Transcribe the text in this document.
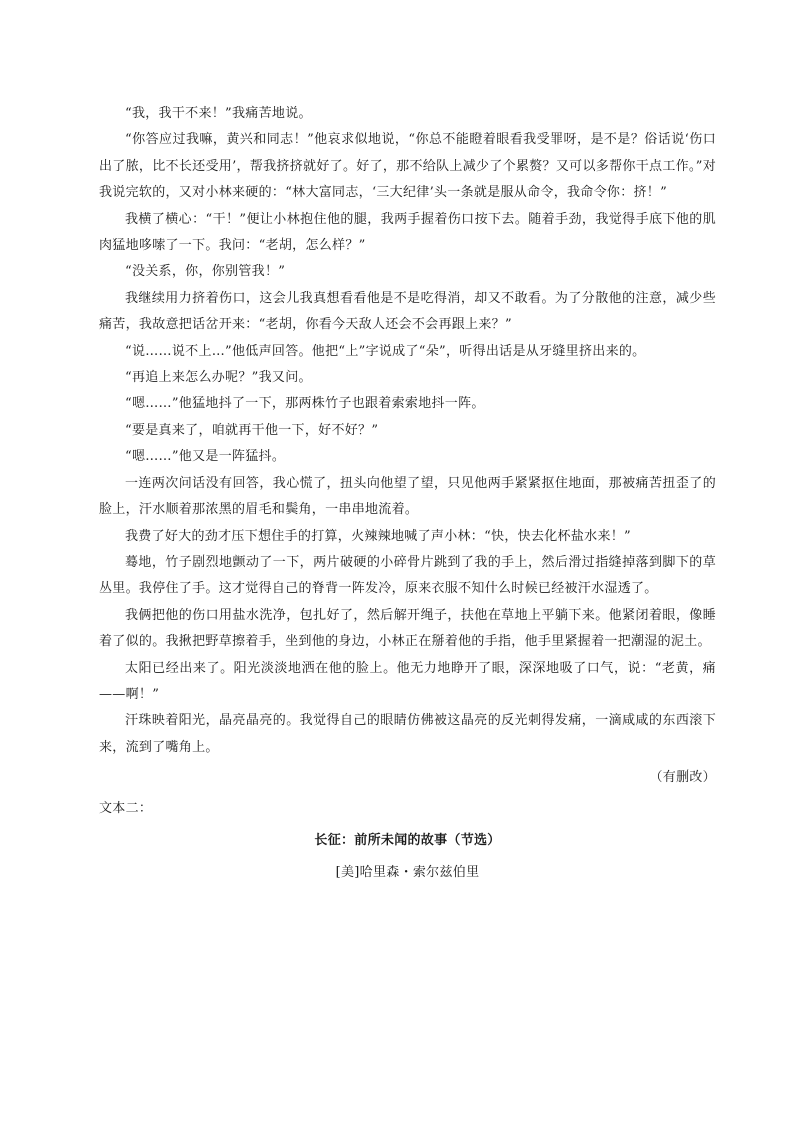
“我，我干不来！”我痛苦地说。

“你答应过我嘛，黄兴和同志！”他哀求似地说，“你总不能瞪着眼看我受罪呀，是不是？俗话说‘伤口出了脓，比不长还受用’，帮我挤挤就好了。好了，那不给队上减少了个累赘？又可以多帮你干点工作。”对我说完软的，又对小林来硬的：“林大富同志，‘三大纪律’头一条就是服从命令，我命令你：挤！”

我横了横心：“干！”便让小林抱住他的腿，我两手握着伤口按下去。随着手劲，我觉得手底下他的肌肉猛地哆嗦了一下。我问：“老胡，怎么样？”

“没关系，你，你别管我！”

我继续用力挤着伤口，这会儿我真想看看他是不是吃得消，却又不敢看。为了分散他的注意，减少些痛苦，我故意把话岔开来：“老胡，你看今天敌人还会不会再跟上来？”

“说……说不上…”他低声回答。他把“上”字说成了“朵”，听得出话是从牙缝里挤出来的。

“再追上来怎么办呢？”我又问。

“嗯……”他猛地抖了一下，那两株竹子也跟着索索地抖一阵。

“要是真来了，咱就再干他一下，好不好？”

“嗯……”他又是一阵猛抖。

一连两次问话没有回答，我心慌了，扭头向他望了望，只见他两手紧紧抠住地面，那被痛苦扭歪了的脸上，汗水顺着那浓黑的眉毛和鬓角，一串串地流着。

我费了好大的劲才压下想住手的打算，火辣辣地喊了声小林：“快，快去化杯盐水来！”

蓦地，竹子剧烈地颤动了一下，两片破硬的小碎骨片跳到了我的手上，然后滑过指缝掉落到脚下的草丛里。我停住了手。这才觉得自己的脊背一阵发冷，原来衣服不知什么时候已经被汗水湿透了。

我俩把他的伤口用盐水洗净，包扎好了，然后解开绳子，扶他在草地上平躺下来。他紧闭着眼，像睡着了似的。我揪把野草擦着手，坐到他的身边，小林正在掰着他的手指，他手里紧握着一把潮湿的泥土。

太阳已经出来了。阳光淡淡地洒在他的脸上。他无力地睁开了眼，深深地吸了口气，说：“老黄，痛——啊！”

汗珠映着阳光，晶亮晶亮的。我觉得自己的眼睛仿佛被这晶亮的反光刺得发痛，一滴咸咸的东西滚下来，流到了嘴角上。

（有删改）

文本二：

长征：前所未闻的故事（节选）

[美]哈里森・索尔兹伯里
